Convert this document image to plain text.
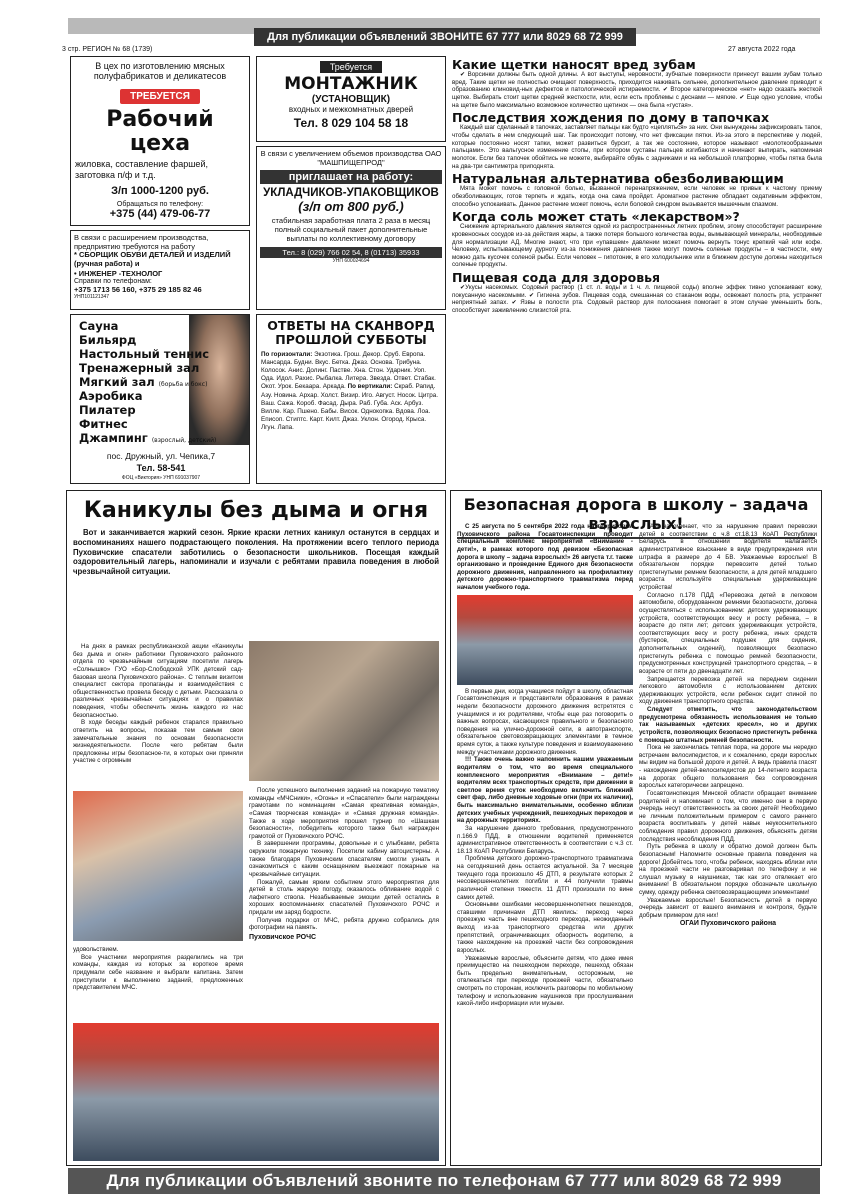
Для публикации объявлений ЗВОНИТЕ 67 777 или 8029 68 72 999
3 стр. РЕГИОН № 68 (1739)	27 августа 2022 года
В цех по изготовлению мясных полуфабрикатов и деликатесов
ТРЕБУЕТСЯ
Рабочий цеха
жиловка, составление фаршей, заготовка п/ф и т.д.
З/п 1000-1200 руб.
Обращаться по телефону:
+375 (44) 479-06-77
Требуется
МОНТАЖНИК
(УСТАНОВЩИК)
входных и межкомнатных дверей
Тел. 8 029 104 58 18
В связи с расширением производства, предприятию требуются на работу
* СБОРЩИК ОБУВИ ДЕТАЛЕЙ И ИЗДЕЛИЙ (ручная работа) и
• ИНЖЕНЕР -ТЕХНОЛОГ
Справки по телефонам:
+375 1713 56 160, +375 29 185 82 46
УНП101121347
В связи с увеличением объемов производства ОАО "МАШПИЩЕПРОД"
приглашает на работу:
УКЛАДЧИКОВ-УПАКОВЩИКОВ
(з/п от 800 руб.)
стабильная заработная плата 2 раза в месяц полный социальный пакет дополнительные выплаты по коллективному договору
Тел.: 8 (029) 766 02 54, 8 (01713) 35933
УНП 600024694
Сауна
Бильярд
Настольный теннис
Тренажерный зал
Мягкий зал (борьба и бокс)
Аэробика
Пилатер
Фитнес
Джампинг (взрослый, детский)
пос. Дружный, ул. Чепика,7
Тел. 58-541
ФОЦ «Виктория» УНП 691037907
ОТВЕТЫ НА СКАНВОРД ПРОШЛОЙ СУББОТЫ
По горизонтали: Экзотика. Грош. Декор. Сруб. Европа. Мансарда. Будни. Вкус. Бетка. Джаз. Основа. Трибуна. Колосок. Анис. Долинг. Пастве. Хна. Стон. Ударник. Уоп. Ода. Идол. Рахис. Рыбалка. Литера. Звезда. Ответ. Стабак. Окот. Урок. Бекаара. Аркада. По вертикали: Скраб. Рапид. Азу. Новина. Архар. Холст. Визир. Иго. Август. Носок. Цитра. Ваш. Сажа. Короб. Фасад. Дыра. Раб. Губа. Аск. Арбуз. Вилле. Кар. Пшено. Бабы. Висок. Однокопка. Вдова. Лоа. Еписоп. Стиптс. Карт. Килт. Джаз. Уклон. Огород. Крыса. Лгун. Лапа.
Какие щетки наносят вред зубам
✔ Ворсинки должны быть одной длины. А вот выступы, неровности, зубчатые поверхности принесут вашим зубам только вред. Такие щетки не полностью очищают поверхность, приходится наживать сильнее, дополнительное давление приводит к образованию клиновид-ных дефектов и патологической истираемости. ✔ Второе категорическое «нет» надо сказать жесткой щетке. Выбирать стоит щетки средней жесткости, или, если есть проблемы с деснами — мягкие. ✔ Еще одно условие, чтобы на щетке было максимально возможное количество щетинок — она была «густая».
Последствия хождения по дому в тапочках
Каждый шаг сделанный в тапочках, заставляет пальцы как будто «цепляться» за них. Они вынуждены зафиксировать тапок, чтобы сделать в нем следующий шаг. Так происходит потому, что нет фиксации пятки. Из-за этого в перспективе у людей, которые постоянно носят тапки, может развиться бурсит, а так же состояние, которое называют «молоткообразными пальцами». Это вальгусное изменение стопы, при котором суставы пальцев изгибаются и начинают выпирать, напоминая молоток. Если без тапочек обойтись не можете, выбирайте обувь с задниками и на небольшой платформе, чтобы пятка была на два-три сантиметра приподнята.
Натуральная альтернатива обезболивающим
Мята может помочь с головной болью, вызванной перенапряжением, если человек не привык к частому приему обезболивающих, готов терпеть и ждать, когда она сама пройдет. Ароматное растение обладает седативным эффектом, способно успокаивать. Данное растение может помочь, если боловой синдром вызывается мышечным спазмом.
Когда соль может стать «лекарством»?
Снижение артериального давления является одной из распространенных летних проблем, этому способствует расширение кровеносных сосудов из-за действия жары, а также потеря большого количества воды, вымывающей минералы, необходимые для нормализации АД. Многие знают, что при «упавшем» давлении может помочь вернуть тонус крепкий чай или кофе. Человеку, испытывающему дурноту из-за понижения давления также могут помочь соленые продукты – в частности, ему можно дать кусочек соленой рыбы. Если человек – гипотоник, в его холодильнике или в ближнем доступе должны находиться соленые продукты.
Пищевая сода для здоровья
✔Укусы насекомых. Содовый раствор (1 ст. л. воды и 1 ч. л. пищевой соды) вполне эффек тивно успокаивает кожу, покусанную насекомыми. ✔ Гигиена зубов. Пищевая сода, смешанная со стаканом воды, освежает полость рта, устраняет неприятный запах. ✔ Язвы в полости рта. Содовый раствор для полоскания помогает в этом случае уменьшить боль, способствует заживлению слизистой рта.
Каникулы без дыма и огня
Вот и заканчивается жаркий сезон. Яркие краски летних каникул останутся в сердцах и воспоминаниях нашего подрастающего поколения. На протяжении всего теплого периода Пуховичские спасатели заботились о безопасности школьников. Посещая каждый оздоровительный лагерь, напоминали и изучали с ребятами правила поведения в любой чрезвычайной ситуации.
На днях в рамках республиканской акции «Каникулы без дыма и огня» работники Пуховичского районного отдела по чрезвычайным ситуациям посетили лагерь «Солнышко» ГУО «Бор-Слободской УПК детский сад-базовая школа Пуховичского района». С теплым визитом специалист сектора пропаганды и взаимодействия с общественностью провела беседу с детьми. Рассказала о различных чрезвычайных ситуациях и о правилах поведения, чтобы обеспечить жизнь каждого из нас безопасностью.
В ходе беседы каждый ребенок старался правильно ответить на вопросы, показав тем самым свои замечательные знания по основам безопасности жизнедеятельности. После чего ребятам были предложены игры безопасное-ти, в которых они приняли участие с огромным
После успешного выполнения заданий на пожарную тематику команды «МЧСники», «Огонь» и «Спасатели» были награждены грамотами по номинациям «Самая креативная команда», «Самая творческая команда» и «Самая дружная команда». Также в ходе мероприятия прошел турнир по «Шашкам безопасности», победитель которого также был награжден грамотой от Пуховичского РОЧС.
В завершении программы, довольные и с улыбками, ребята окружили пожарную технику. Посетили кабину автоцистерны. А также благодаря Пуховичским спасателям смогли узнать и ознакомиться с каким оснащением выезжают пожарные на чрезвычайные ситуации.
Пожалуй, самым ярким событием этого мероприятия для детей в столь жаркую погоду, оказалось обливание водой с лафетного ствола. Незабываемые эмоции детей остались в хороших воспоминаниях спасателей Пуховичского РОЧС и придали им заряд бодрости.
Получив подарки от МЧС, ребята дружно собрались для фотографии на память.
Пуховичское РОЧС
удовольствием.
Все участники мероприятия разделились на три команды, каждая из которых за короткое время придумали себе название и выбрали капитана. Затем приступили к выполнению заданий, предложенных представителем МЧС.
Безопасная дорога в школу – задача взрослых!
С 25 августа по 5 сентября 2022 года на территории Пуховичского района Госавтоинспекции проводит специальный комплекс мероприятий «Внимание - дети!», в рамках которого под девизом «Безопасная дорога в школу – задача взрослых!» 26 августа т.г. также организовано и проведение Единого дня безопасности дорожного движения, направленного на профилактику детского дорожно-транспортного травматизма перед началом учебного года.
В первые дни, когда учащиеся пойдут в школу, областная Госавтоинспекция и представители образования в рамках недели безопасности дорожного движения встретятся с учащимися и их родителями, чтобы еще раз поговорить о важных вопросах, касающихся правильного и безопасного поведения на улично-дорожной сети, в автотранспорте, обязательное световозвращающих элементами в темное время суток, а также культуре поведения и взаимоуважению между участниками дорожного движения.
!!! Также очень важно напомнить нашим уважаемым водителям о том, что во время специального комплексного мероприятия «Внимание – дети!» водителям всех транспортных средств, при движении в светлое время суток необходимо включить ближний свет фар, либо дневные ходовые огни (при их наличии), быть максимально внимательными, особенно вблизи детских учебных учреждений, пешеходных переходов и на дорожных территориях.
За нарушение данного требования, предусмотренного п.166.9 ПДД, в отношении водителей применяется административное ответственность в соответствии с ч.3 ст. 18.13 КоАП Республики Беларусь.
Проблема детского дорожно-транспортного травматизма на сегодняшний день остается актуальной. За 7 месяцев текущего года произошло 45 ДТП, в результате которых 2 несовершеннолетних погибли и 44 получили травмы различной степени тяжести. 11 ДТП произошли по вине самих детей.
Основными ошибками несовершеннолетних пешеходов, ставшими причинами ДТП явились: переход через проезжую часть вне пешеходного перехода, неожиданный выход из-за транспортного средства или других препятствий, ограничивающих обзорность водителю, а также нахождение на проезжей части без сопровождения взрослых.
Уважаемые взрослые, объясните детям, что даже имея преимущество на пешеходном переходе, пешеход обязан быть предельно внимательным, осторожным, не отвлекаться при переходе проезжей части, обязательно смотреть по сторонам, исключить разговоры по мобильному телефону и использование наушников при прослушивании какой-либо информации или музыки.
ГАИ напоминает, что за нарушение правил перевозки детей в соответствии с ч.8 ст.18.13 КоАП Республики Беларусь в отношении водителя налагается административное взыскание в виде предупреждения или штрафа в размере до 4 БВ. Уважаемые взрослые! В обязательном порядке перевозите детей только пристегнутыми ремнем безопасности, а для детей младшего возраста используйте специальные удерживающие устройства!
Согласно п.178 ПДД «Перевозка детей в легковом автомобиле, оборудованном ремнями безопасности, должна осуществляться с использованием: детских удерживающих устройств, соответствующих весу и росту ребенка, – в возрасте до пяти лет; детских удерживающих устройств, соответствующих весу и росту ребенка, иных средств (бустеров, специальных подушек для сидения, дополнительных сидений), позволяющих безопасно пристегнуть ребенка с помощью ремней безопасности, предусмотренных конструкцией транспортного средства, – в возрасте от пяти до двенадцати лет.
Запрещается перевозка детей на переднем сидении легкового автомобиля с использованием детских удерживающих устройств, если ребенок сидит спиной по ходу движения транспортного средства.
Следует отметить, что законодательством предусмотрена обязанность использования не только так называемых «детских кресел», но и других устройств, позволяющих безопасно пристегнуть ребенка с помощью штатных ремней безопасности.
Пока не закончилась теплая пора, на дороге мы нередко встречаем велосипедистов, и к сожалению, среди взрослых мы видим на большой дороге и детей. А ведь правила гласят - нахождение детей-велосипедистов до 14-летнего возраста на дорогах общего пользования без сопровождения взрослых категорически запрещено.
Госавтоинспекция Минской области обращает внимание родителей и напоминает о том, что именно они в первую очередь несут ответственность за своих детей! Необходимо не личным положительным примером с самого раннего возраста воспитывать у детей навык неукоснительного соблюдения правил дорожного движения, обьяснять детям последствия несоблюдения ПДД.
Путь ребенка в школу и обратно домой должен быть безопасным! Напомните основные правила поведения на дороге! Добейтесь того, чтобы ребенок, находясь вблизи или на проезжей части не разговаривал по телефону и не слушал музыку в наушниках, так как это отвлекает его внимание! В обязательном порядке обозначьте школьную сумку, одежду ребенка световозвращающими элементами!
Уважаемые взрослые! Безопасность детей в первую очередь зависит от вашего внимания и контроля, будьте добрым примером для них!
ОГАИ Пуховичского района
Для публикации объявлений звоните по телефонам 67 777 или 8029 68 72 999
